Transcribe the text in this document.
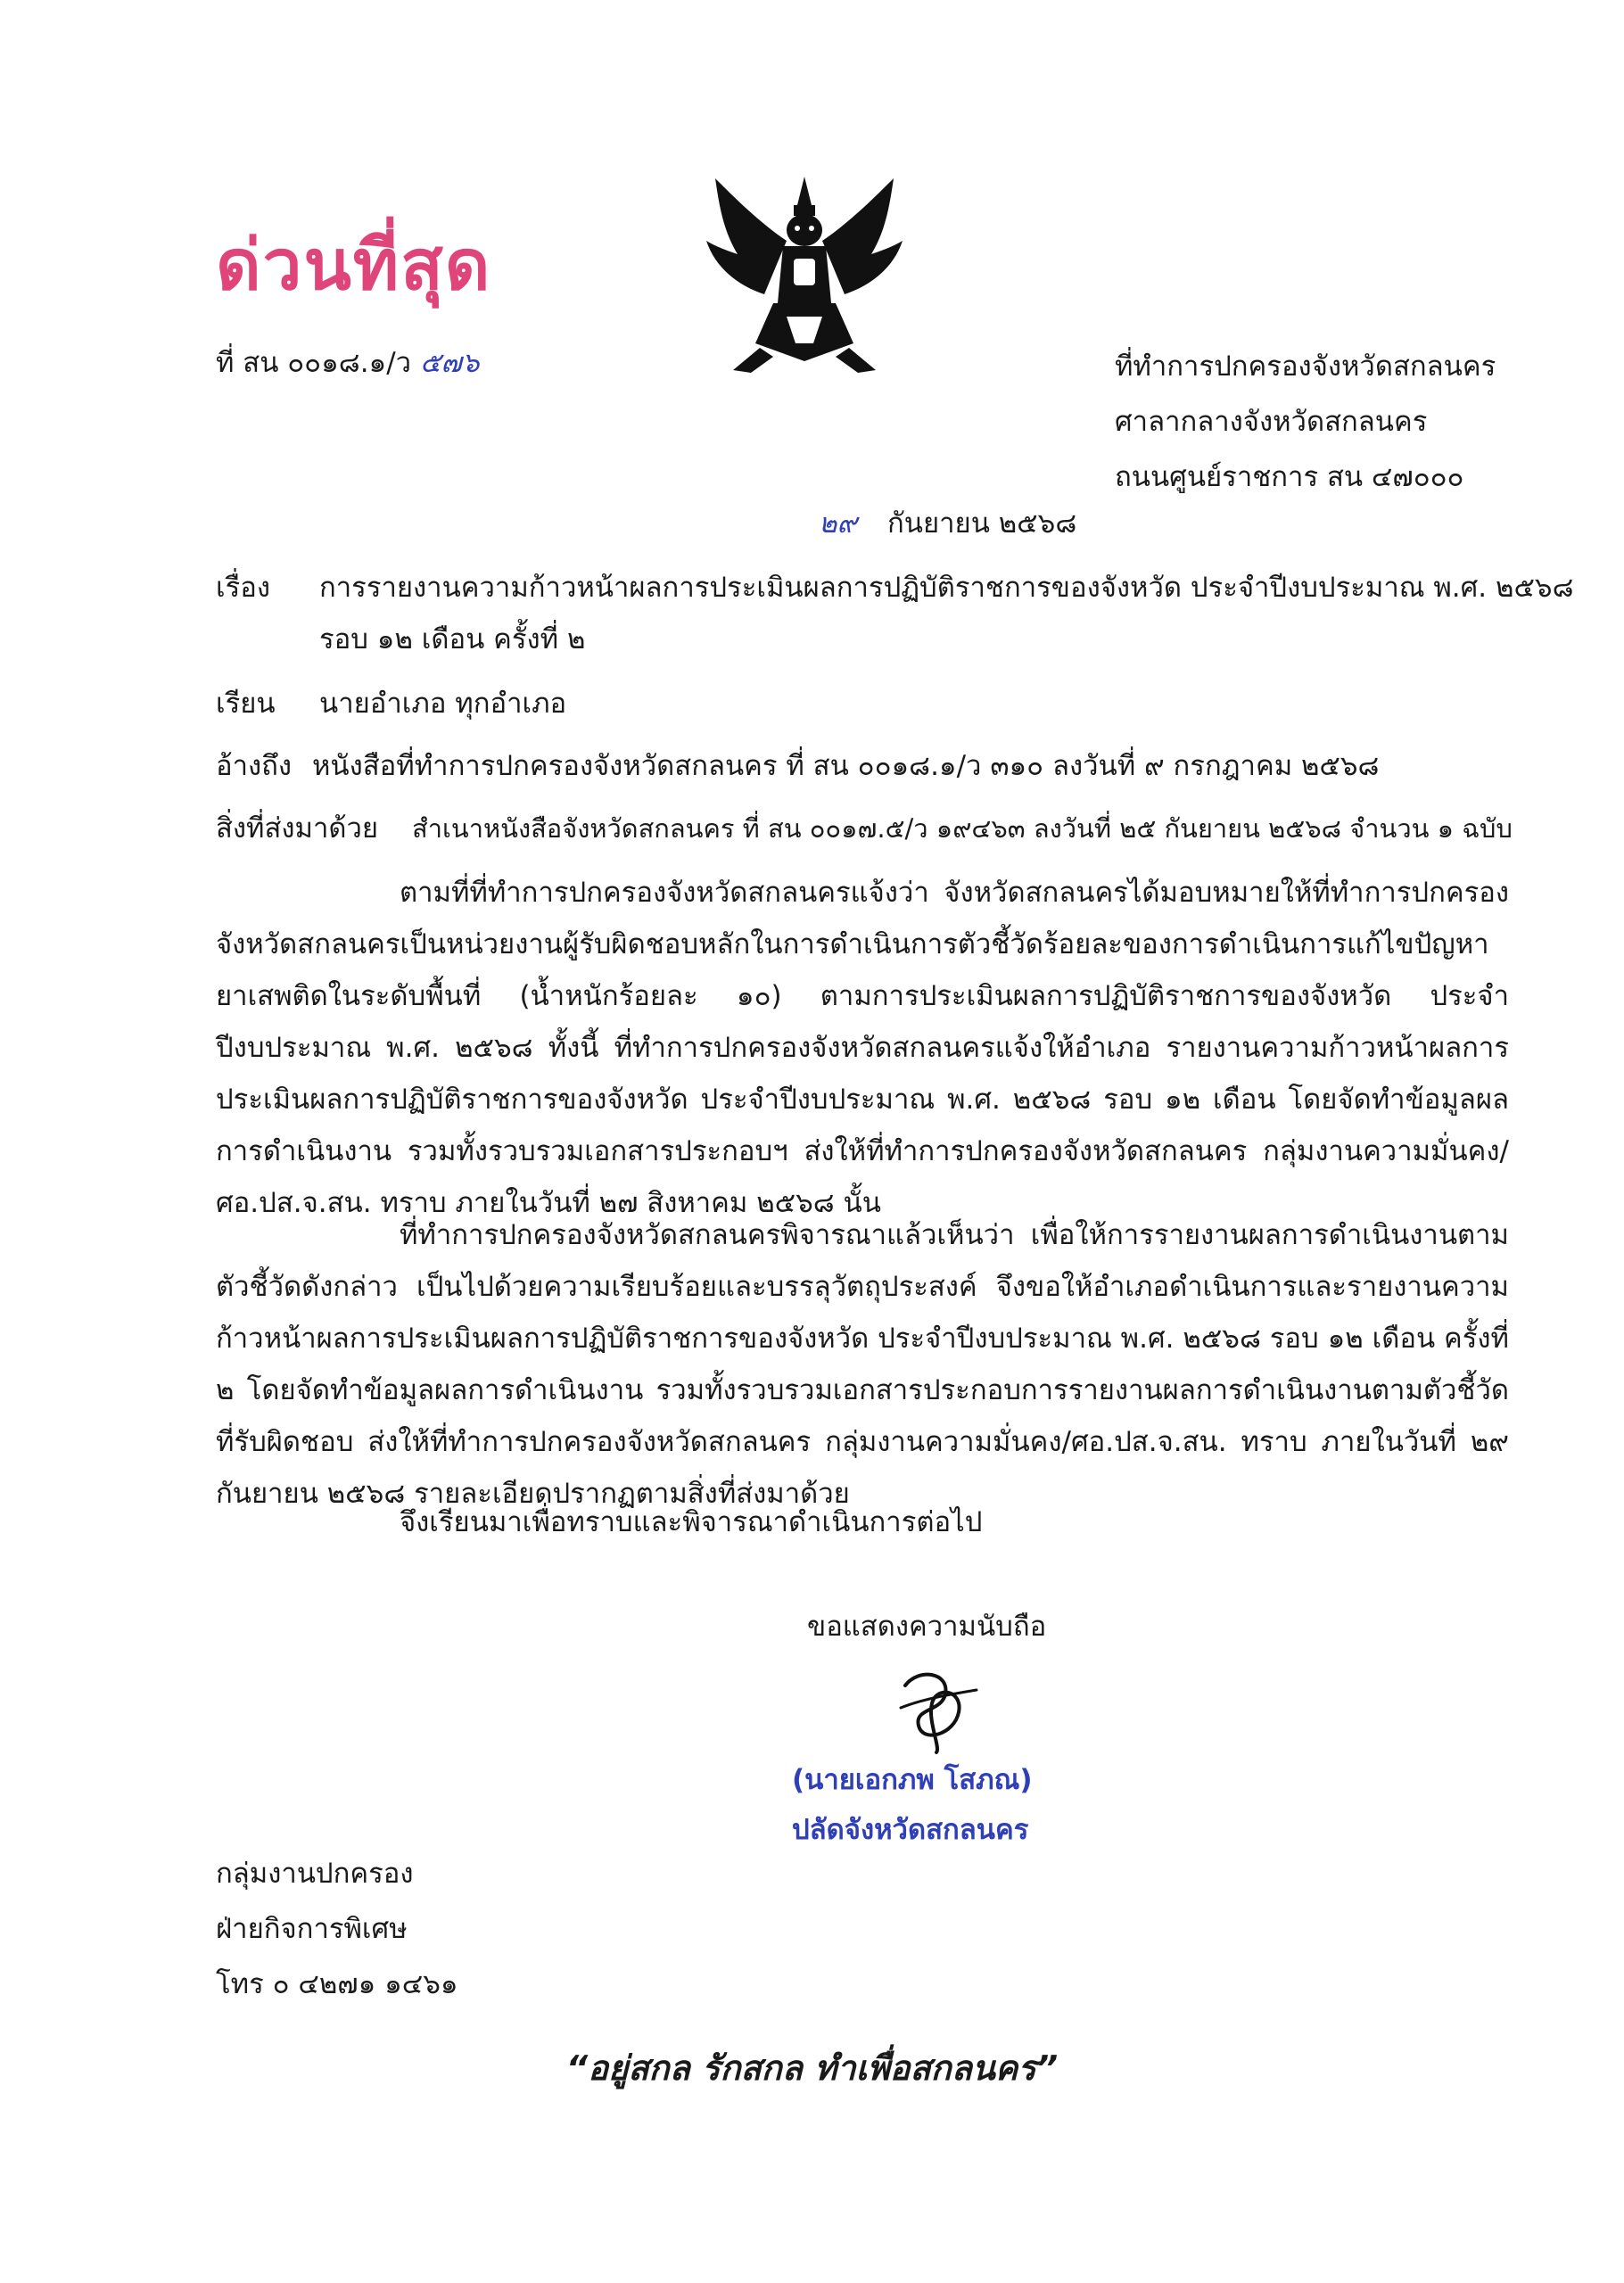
ด่วนที่สุด
ที่ สน ๐๐๑๘.๑/ว ๕๗๖	ที่ทำการปกครองจังหวัดสกลนคร
ศาลากลางจังหวัดสกลนคร
ถนนศูนย์ราชการ สน ๔๗๐๐๐
๒๙ กันยายน ๒๕๖๘
เรื่อง การรายงานความก้าวหน้าผลการประเมินผลการปฏิบัติราชการของจังหวัด ประจำปีงบประมาณ พ.ศ. ๒๕๖๘
รอบ ๑๒ เดือน ครั้งที่ ๒
เรียน นายอำเภอ ทุกอำเภอ
อ้างถึง หนังสือที่ทำการปกครองจังหวัดสกลนคร ที่ สน ๐๐๑๘.๑/ว ๓๑๐ ลงวันที่ ๙ กรกฎาคม ๒๕๖๘
สิ่งที่ส่งมาด้วย สำเนาหนังสือจังหวัดสกลนคร ที่ สน ๐๐๑๗.๕/ว ๑๙๔๖๓ ลงวันที่ ๒๕ กันยายน ๒๕๖๘ จำนวน ๑ ฉบับ
ตามที่ที่ทำการปกครองจังหวัดสกลนครแจ้งว่า จังหวัดสกลนครได้มอบหมายให้ที่ทำการปกครองจังหวัดสกลนครเป็นหน่วยงานผู้รับผิดชอบหลักในการดำเนินการตัวชี้วัดร้อยละของการดำเนินการแก้ไขปัญหายาเสพติดในระดับพื้นที่ (น้ำหนักร้อยละ ๑๐) ตามการประเมินผลการปฏิบัติราชการของจังหวัด ประจำปีงบประมาณ พ.ศ. ๒๕๖๘ ทั้งนี้ ที่ทำการปกครองจังหวัดสกลนครแจ้งให้อำเภอ รายงานความก้าวหน้าผลการประเมินผลการปฏิบัติราชการของจังหวัด ประจำปีงบประมาณ พ.ศ. ๒๕๖๘ รอบ ๑๒ เดือน โดยจัดทำข้อมูลผลการดำเนินงาน รวมทั้งรวบรวมเอกสารประกอบฯ ส่งให้ที่ทำการปกครองจังหวัดสกลนคร กลุ่มงานความมั่นคง/ศอ.ปส.จ.สน. ทราบ ภายในวันที่ ๒๗ สิงหาคม ๒๕๖๘ นั้น
ที่ทำการปกครองจังหวัดสกลนครพิจารณาแล้วเห็นว่า เพื่อให้การรายงานผลการดำเนินงานตามตัวชี้วัดดังกล่าว เป็นไปด้วยความเรียบร้อยและบรรลุวัตถุประสงค์ จึงขอให้อำเภอดำเนินการและรายงานความก้าวหน้าผลการประเมินผลการปฏิบัติราชการของจังหวัด ประจำปีงบประมาณ พ.ศ. ๒๕๖๘ รอบ ๑๒ เดือน ครั้งที่ ๒ โดยจัดทำข้อมูลผลการดำเนินงาน รวมทั้งรวบรวมเอกสารประกอบการรายงานผลการดำเนินงานตามตัวชี้วัดที่รับผิดชอบ ส่งให้ที่ทำการปกครองจังหวัดสกลนคร กลุ่มงานความมั่นคง/ศอ.ปส.จ.สน. ทราบ ภายในวันที่ ๒๙ กันยายน ๒๕๖๘ รายละเอียดปรากฏตามสิ่งที่ส่งมาด้วย
จึงเรียนมาเพื่อทราบและพิจารณาดำเนินการต่อไป
ขอแสดงความนับถือ
(นายเอกภพ โสภณ)
ปลัดจังหวัดสกลนคร
กลุ่มงานปกครอง
ฝ่ายกิจการพิเศษ
โทร ๐ ๔๒๗๑ ๑๔๖๑
“อยู่สกล รักสกล ทำเพื่อสกลนคร”
